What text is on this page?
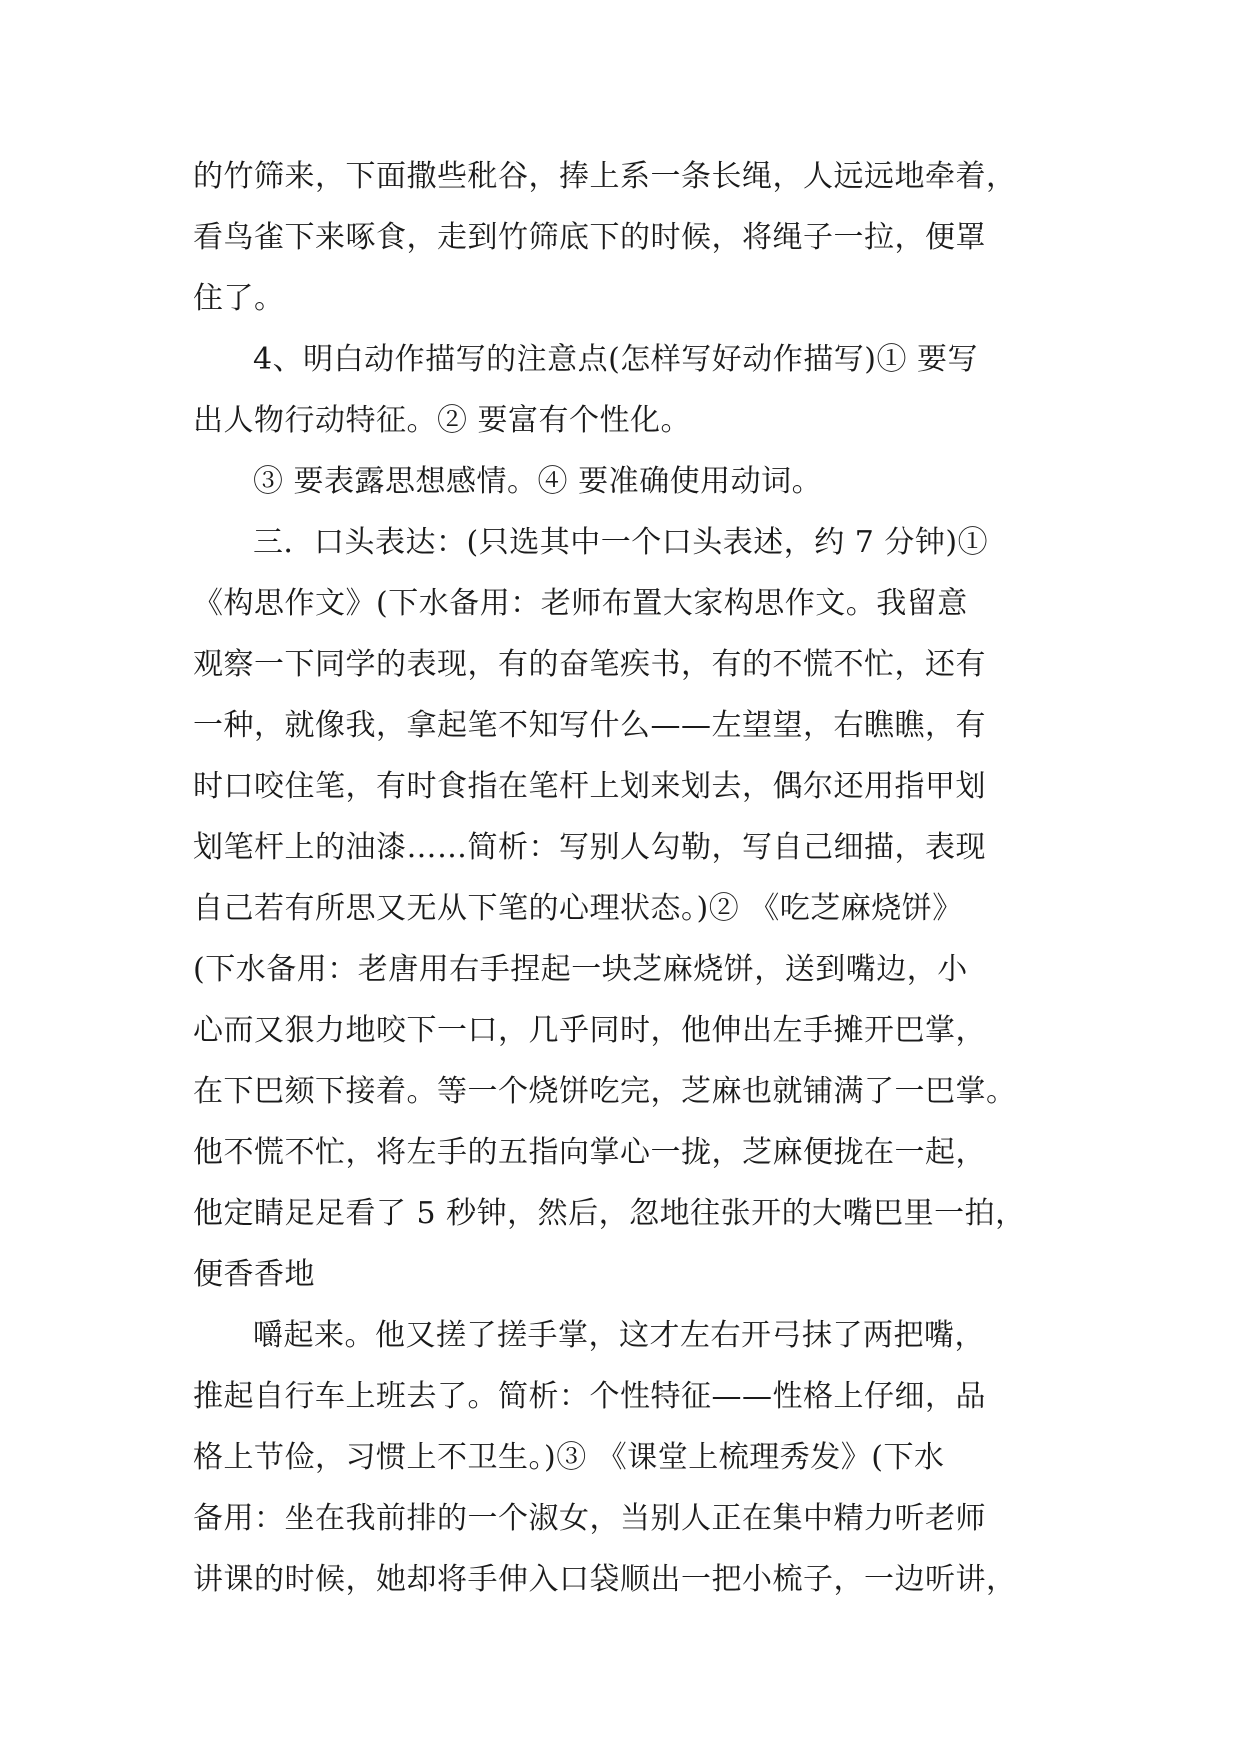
的竹筛来，下面撒些秕谷，捧上系一条长绳，人远远地牵着，
看鸟雀下来啄食，走到竹筛底下的时候，将绳子一拉，便罩
住了。
4、明白动作描写的注意点(怎样写好动作描写)① 要写
出人物行动特征。② 要富有个性化。
③ 要表露思想感情。④ 要准确使用动词。
三．口头表达：(只选其中一个口头表述，约 7 分钟)①
《构思作文》(下水备用：老师布置大家构思作文。我留意
观察一下同学的表现，有的奋笔疾书，有的不慌不忙，还有
一种，就像我，拿起笔不知写什么——左望望，右瞧瞧，有
时口咬住笔，有时食指在笔杆上划来划去，偶尔还用指甲划
划笔杆上的油漆……简析：写别人勾勒，写自己细描，表现
自己若有所思又无从下笔的心理状态。)② 《吃芝麻烧饼》
(下水备用：老唐用右手捏起一块芝麻烧饼，送到嘴边，小
心而又狠力地咬下一口，几乎同时，他伸出左手摊开巴掌，
在下巴颏下接着。等一个烧饼吃完，芝麻也就铺满了一巴掌。
他不慌不忙，将左手的五指向掌心一拢，芝麻便拢在一起，
他定睛足足看了 5 秒钟，然后，忽地往张开的大嘴巴里一拍，
便香香地
嚼起来。他又搓了搓手掌，这才左右开弓抹了两把嘴，
推起自行车上班去了。简析：个性特征——性格上仔细，品
格上节俭，习惯上不卫生。)③ 《课堂上梳理秀发》(下水
备用：坐在我前排的一个淑女，当别人正在集中精力听老师
讲课的时候，她却将手伸入口袋顺出一把小梳子，一边听讲，
